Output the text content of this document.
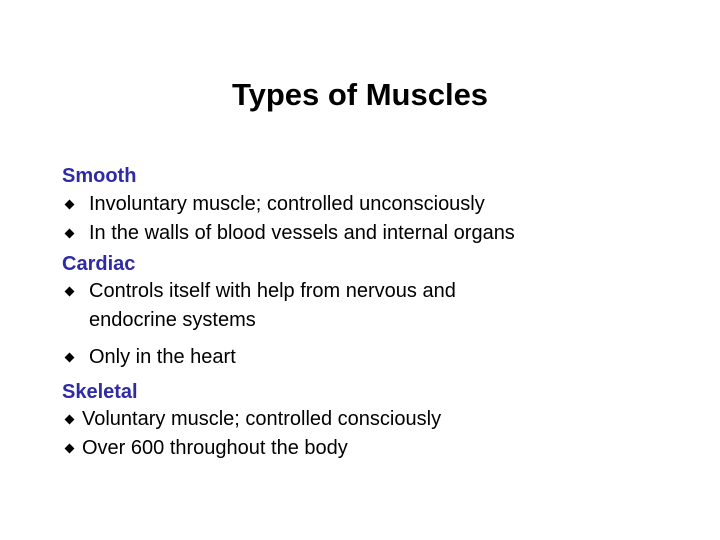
Types of Muscles
Smooth
Involuntary muscle; controlled unconsciously
In the walls of blood vessels and internal organs
Cardiac
Controls itself with help from nervous and
endocrine systems
Only in the heart
Skeletal
Voluntary muscle; controlled consciously
Over 600 throughout the body
